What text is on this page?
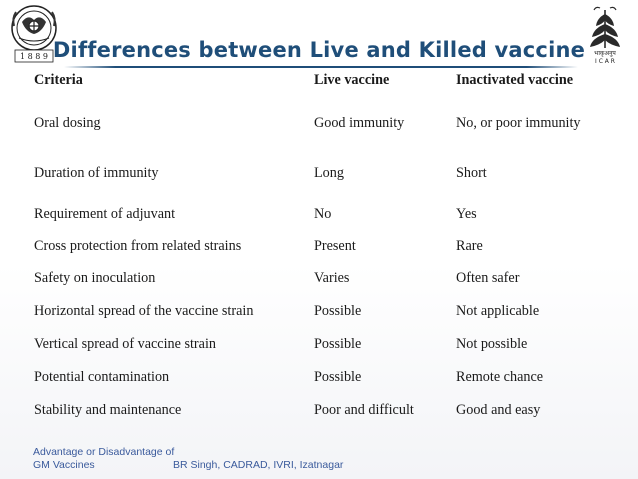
1 8 8 9	भाकृअनुप
I C A R
Differences between Live and Killed vaccine
Criteria	Live vaccine	Inactivated vaccine
Oral dosing	Good immunity	No, or poor immunity
Duration of immunity	Long	Short
Requirement of adjuvant	No	Yes
Cross protection from related strains	Present	Rare
Safety on inoculation	Varies	Often safer
Horizontal spread of the vaccine strain	Possible	Not applicable
Vertical spread of vaccine strain	Possible	Not possible
Potential contamination	Possible	Remote chance
Stability and maintenance	Poor and difficult	Good and easy
Advantage or Disadvantage of
GM Vaccines	BR Singh, CADRAD, IVRI, Izatnagar
